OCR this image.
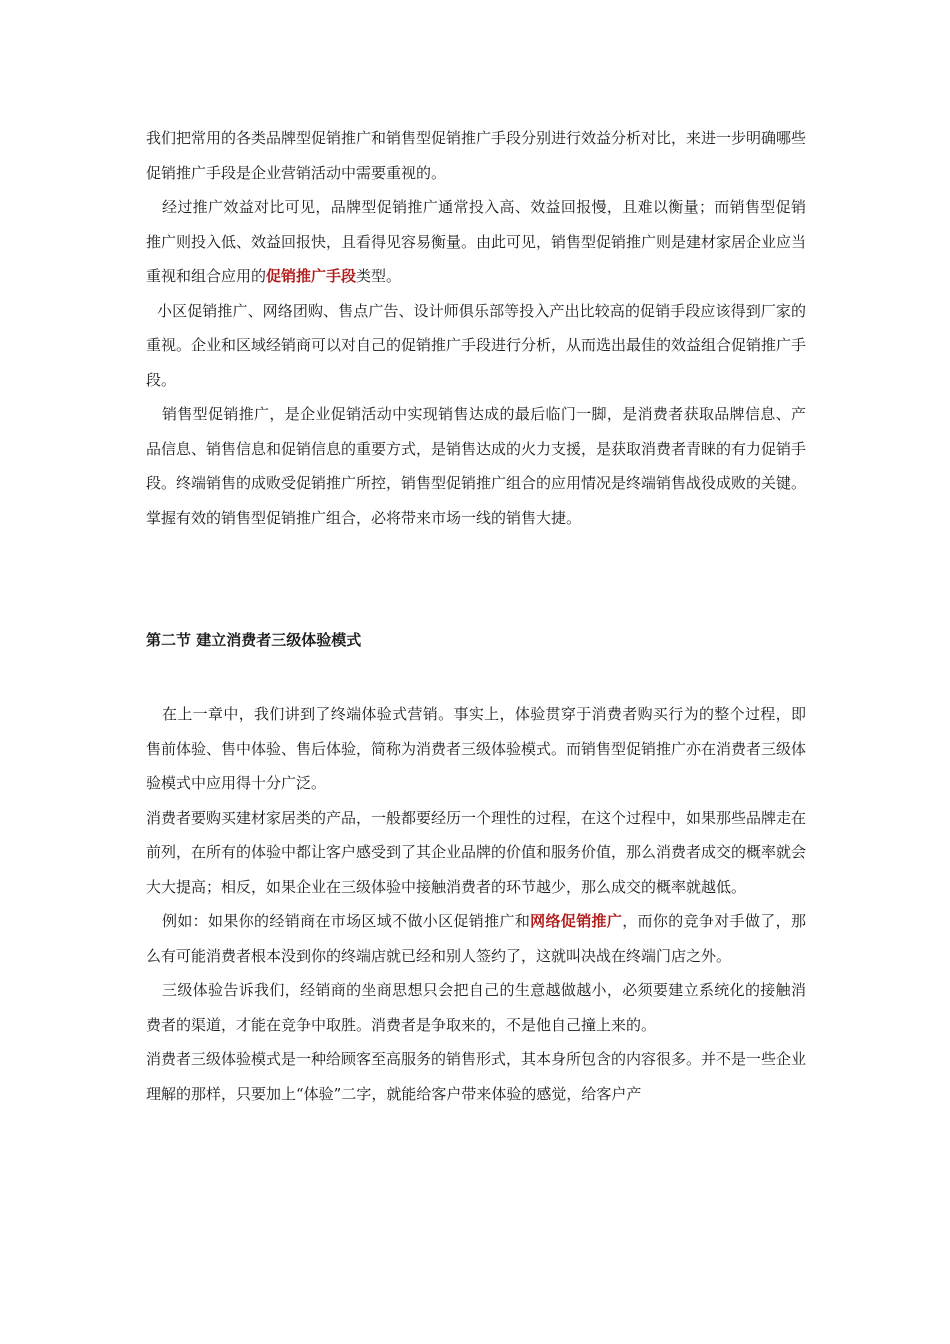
我们把常用的各类品牌型促销推广和销售型促销推广手段分别进行效益分析对比，来进一步明确哪些促销推广手段是企业营销活动中需要重视的。

经过推广效益对比可见，品牌型促销推广通常投入高、效益回报慢，且难以衡量；而销售型促销推广则投入低、效益回报快，且看得见容易衡量。由此可见，销售型促销推广则是建材家居企业应当重视和组合应用的促销推广手段类型。

小区促销推广、网络团购、售点广告、设计师俱乐部等投入产出比较高的促销手段应该得到厂家的重视。企业和区域经销商可以对自己的促销推广手段进行分析，从而选出最佳的效益组合促销推广手段。

销售型促销推广，是企业促销活动中实现销售达成的最后临门一脚，是消费者获取品牌信息、产品信息、销售信息和促销信息的重要方式，是销售达成的火力支援，是获取消费者青睐的有力促销手段。终端销售的成败受促销推广所控，销售型促销推广组合的应用情况是终端销售战役成败的关键。掌握有效的销售型促销推广组合，必将带来市场一线的销售大捷。

第二节 建立消费者三级体验模式

在上一章中，我们讲到了终端体验式营销。事实上，体验贯穿于消费者购买行为的整个过程，即售前体验、售中体验、售后体验，简称为消费者三级体验模式。而销售型促销推广亦在消费者三级体验模式中应用得十分广泛。

消费者要购买建材家居类的产品，一般都要经历一个理性的过程，在这个过程中，如果那些品牌走在前列，在所有的体验中都让客户感受到了其企业品牌的价值和服务价值，那么消费者成交的概率就会大大提高；相反，如果企业在三级体验中接触消费者的环节越少，那么成交的概率就越低。

例如：如果你的经销商在市场区域不做小区促销推广和网络促销推广，而你的竞争对手做了，那么有可能消费者根本没到你的终端店就已经和别人签约了，这就叫决战在终端门店之外。

三级体验告诉我们，经销商的坐商思想只会把自己的生意越做越小，必须要建立系统化的接触消费者的渠道，才能在竞争中取胜。消费者是争取来的，不是他自己撞上来的。

消费者三级体验模式是一种给顾客至高服务的销售形式，其本身所包含的内容很多。并不是一些企业理解的那样，只要加上“体验”二字，就能给客户带来体验的感觉，给客户产
